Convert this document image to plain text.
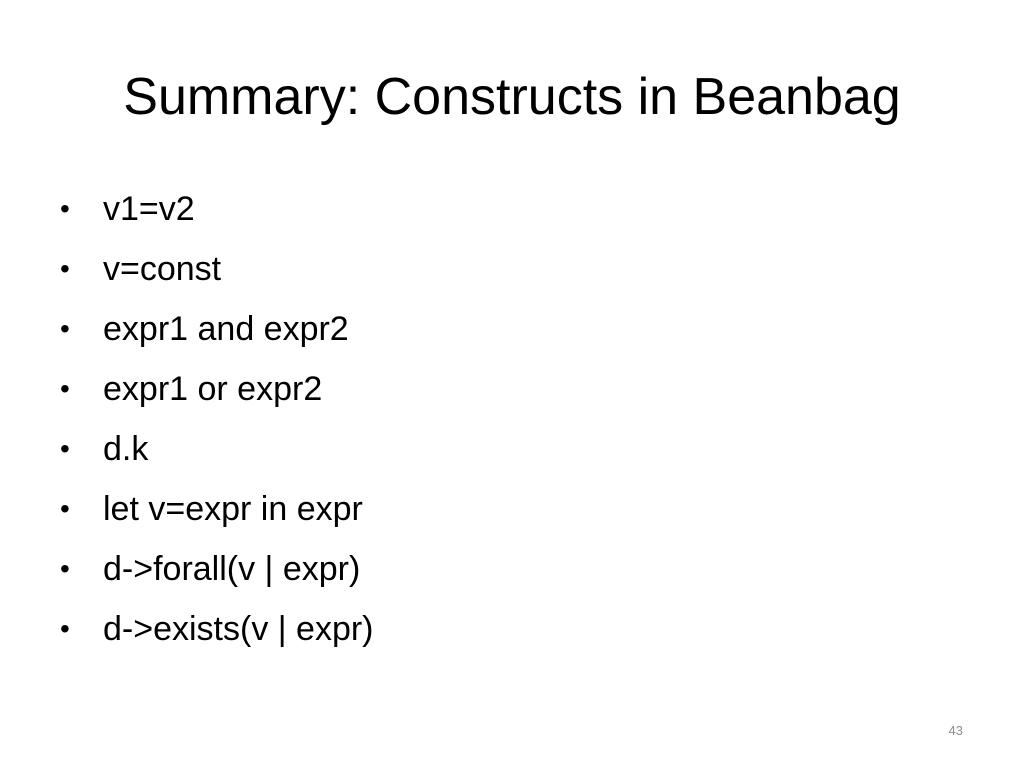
Summary: Constructs in Beanbag
• v1=v2
• v=const
• expr1 and expr2
• expr1 or expr2
• d.k
• let v=expr in expr
• d->forall(v | expr)
• d->exists(v | expr)
43
